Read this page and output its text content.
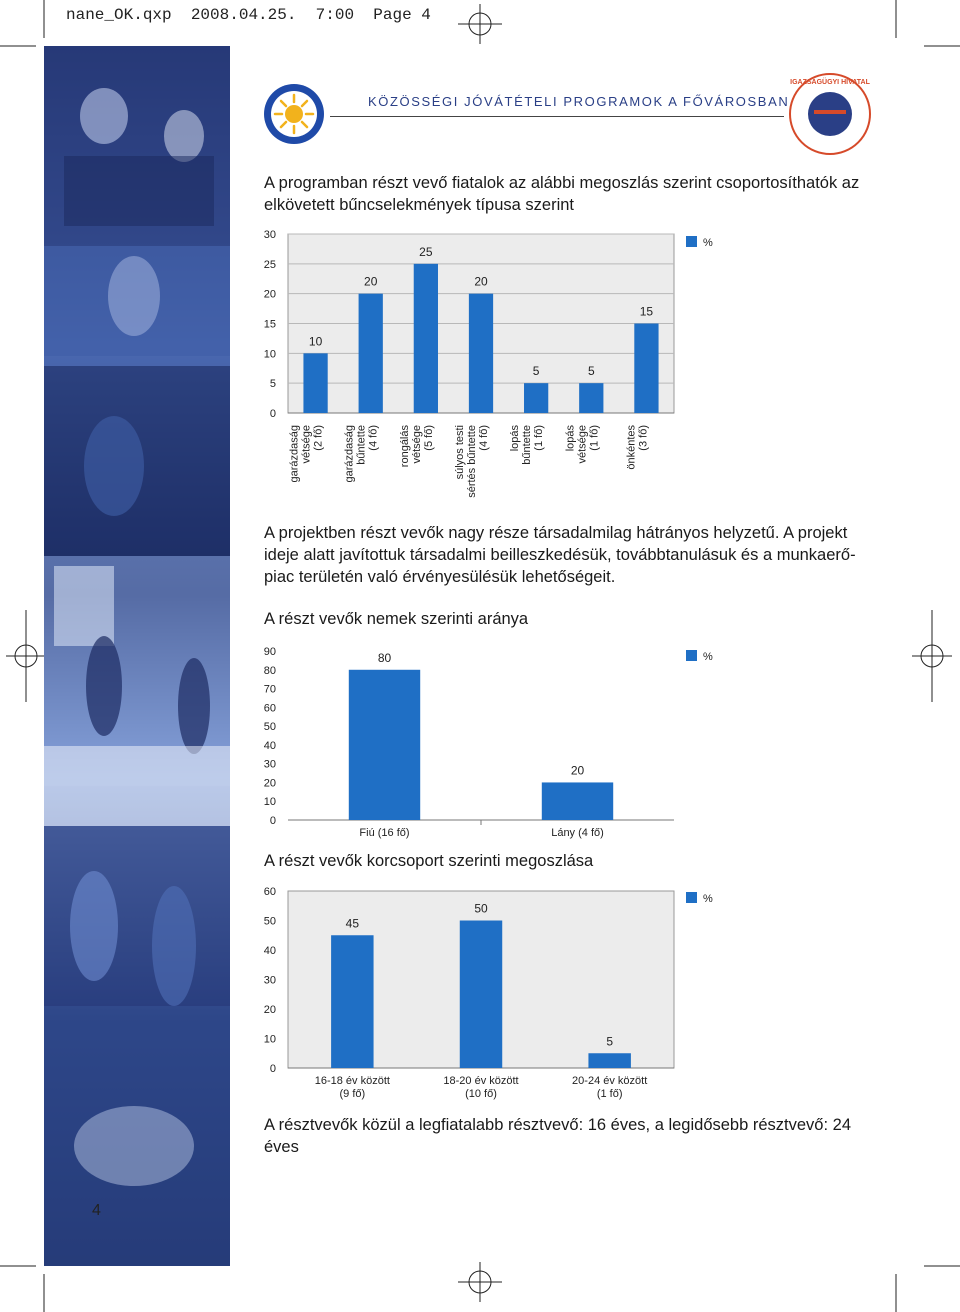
nane_OK.qxp 2008.04.25. 7:00 Page 4
IGAZSÁGÜGYI HIVATAL
KÖZÖSSÉGI JÓVÁTÉTELI PROGRAMOK A FŐVÁROSBAN
A programban részt vevő fiatalok az alábbi megoszlás szerint csoportosíthatók az elkövetett bűncselekmények típusa szerint
0
5
10
15
20
25
30
10
garázdaság vétsége (2 fő)
20
garázdaság bűntette (4 fő)
25
rongálás vétsége (5 fő)
20
súlyos testi sértés bűntette (4 fő)
5
lopás bűntette (1 fő)
5
lopás vétsége (1 fő)
15
önkéntes (3 fő)
%
A projektben részt vevők nagy része társadalmilag hátrányos helyzetű. A projekt ideje alatt javítottuk társadalmi beilleszkedésük, továbbtanulásuk és a munkaerő-piac területén való érvényesülésük lehetőségeit.
A részt vevők nemek szerinti aránya
0
10
20
30
40
50
60
70
80
90	80
Fiú (16 fő)
20
Lány (4 fő)
%
A részt vevők korcsoport szerinti megoszlása
0
10
20
30
40
50
60
45
16-18 év között
(9 fő)
50
18-20 év között
(10 fő)
5
20-24 év között
(1 fő)
%
A résztvevők közül a legfiatalabb résztvevő: 16 éves, a legidősebb résztvevő: 24 éves
4
